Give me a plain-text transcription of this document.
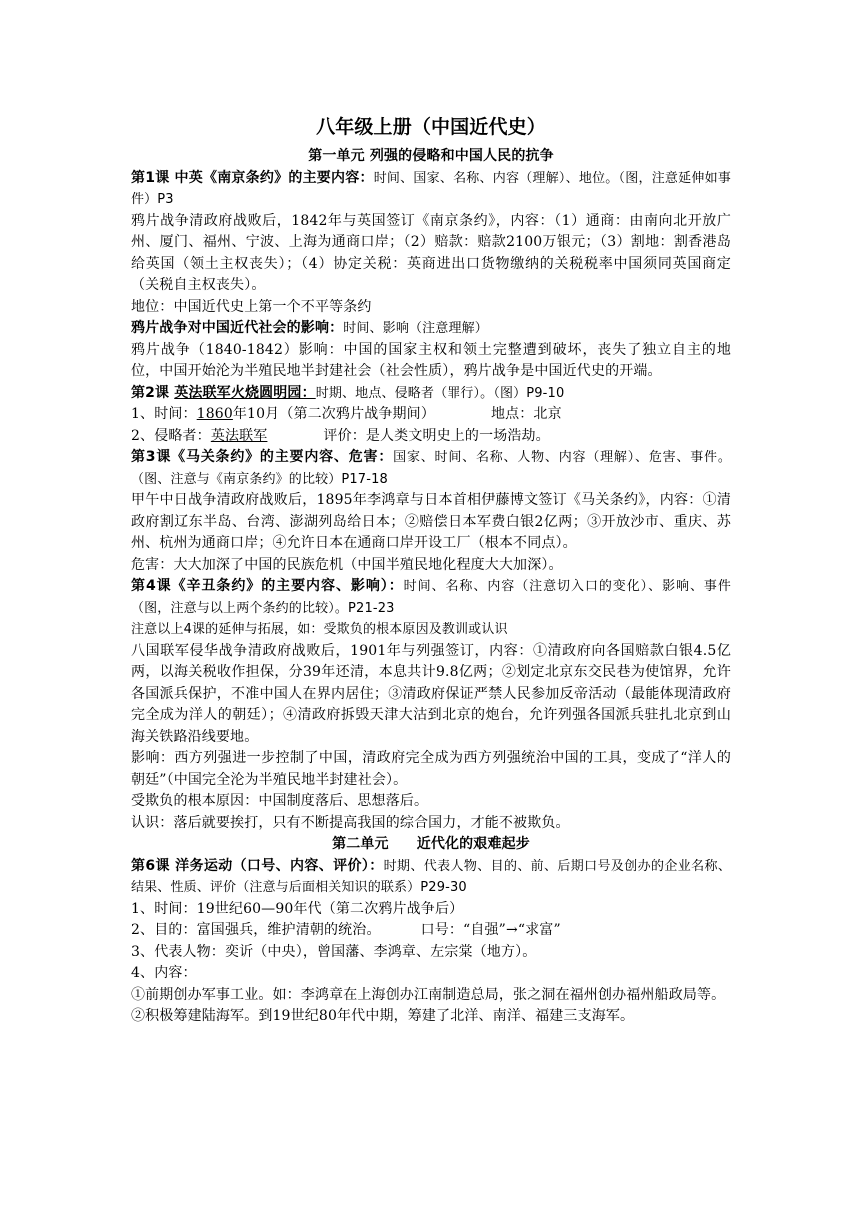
八年级上册（中国近代史）
第一单元 列强的侵略和中国人民的抗争

第1课 中英《南京条约》的主要内容：时间、国家、名称、内容（理解）、地位。（图，注意延伸如事件）P3

鸦片战争清政府战败后，1842年与英国签订《南京条约》，内容：（1）通商：由南向北开放广州、厦门、福州、宁波、上海为通商口岸；（2）赔款：赔款2100万银元；（3）割地：割香港岛给英国（领土主权丧失）；（4）协定关税：英商进出口货物缴纳的关税税率中国须同英国商定（关税自主权丧失）。

地位：中国近代史上第一个不平等条约

鸦片战争对中国近代社会的影响：时间、影响（注意理解）

鸦片战争（1840-1842）影响：中国的国家主权和领土完整遭到破坏，丧失了独立自主的地位，中国开始沦为半殖民地半封建社会（社会性质），鸦片战争是中国近代史的开端。

第2课 英法联军火烧圆明园：时期、地点、侵略者（罪行）。（图）P9-10

1、时间：1860年10月（第二次鸦片战争期间）	地点：北京

2、侵略者：英法联军	评价：是人类文明史上的一场浩劫。

第3课《马关条约》的主要内容、危害：国家、时间、名称、人物、内容（理解）、危害、事件。（图、注意与《南京条约》的比较）P17-18

甲午中日战争清政府战败后，1895年李鸿章与日本首相伊藤博文签订《马关条约》，内容：①清政府割辽东半岛、台湾、澎湖列岛给日本；②赔偿日本军费白银2亿两；③开放沙市、重庆、苏州、杭州为通商口岸；④允许日本在通商口岸开设工厂（根本不同点）。

危害：大大加深了中国的民族危机（中国半殖民地化程度大大加深）。

第4课《辛丑条约》的主要内容、影响）：时间、名称、内容（注意切入口的变化）、影响、事件（图，注意与以上两个条约的比较）。P21-23

注意以上4课的延伸与拓展，如：受欺负的根本原因及教训或认识

八国联军侵华战争清政府战败后，1901年与列强签订，内容：①清政府向各国赔款白银4.5亿两，以海关税收作担保，分39年还清，本息共计9.8亿两；②划定北京东交民巷为使馆界，允许各国派兵保护，不准中国人在界内居住；③清政府保证严禁人民参加反帝活动（最能体现清政府完全成为洋人的朝廷）；④清政府拆毁天津大沽到北京的炮台，允许列强各国派兵驻扎北京到山海关铁路沿线要地。

影响：西方列强进一步控制了中国，清政府完全成为西方列强统治中国的工具，变成了“洋人的朝廷”（中国完全沦为半殖民地半封建社会）。

受欺负的根本原因：中国制度落后、思想落后。

认识：落后就要挨打，只有不断提高我国的综合国力，才能不被欺负。

第二单元 近代化的艰难起步

第6课 洋务运动（口号、内容、评价）：时期、代表人物、目的、前、后期口号及创办的企业名称、结果、性质、评价（注意与后面相关知识的联系）P29-30

1、时间：19世纪60—90年代（第二次鸦片战争后）

2、目的：富国强兵，维护清朝的统治。	口号：“自强”→“求富”

3、代表人物：奕䜣（中央），曾国藩、李鸿章、左宗棠（地方）。

4、内容：

①前期创办军事工业。如：李鸿章在上海创办江南制造总局，张之洞在福州创办福州船政局等。

②积极筹建陆海军。到19世纪80年代中期，筹建了北洋、南洋、福建三支海军。
